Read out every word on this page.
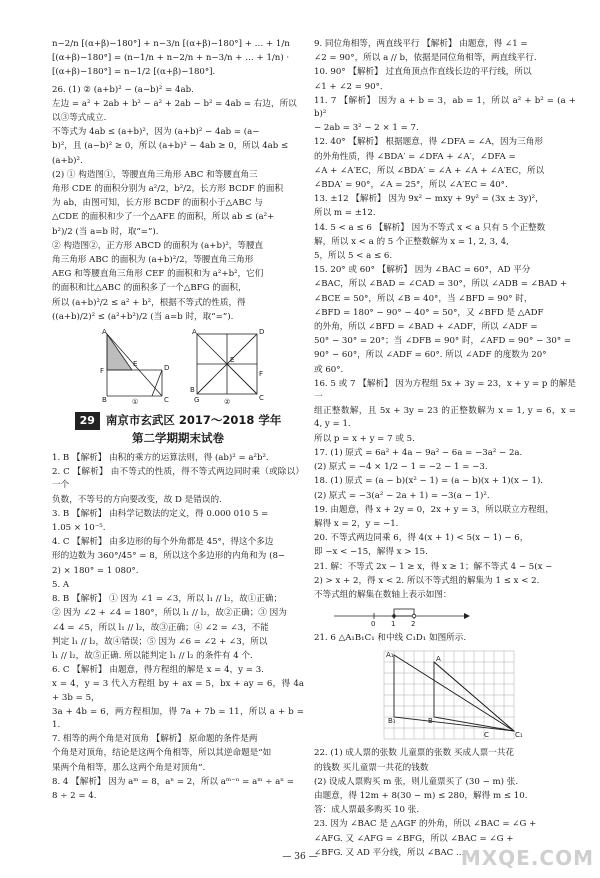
n−2/n [(α+β)−180°] + n−3/n [(α+β)−180°] + … + 1/n

[(α+β)−180°] = (n−1/n + n−2/n + n−3/n + … + 1/n) ·

[(α+β)−180°] = n−1/2 [(α+β)−180°].

26. (1) ② (a+b)² − (a−b)² = 4ab.

左边 = a² + 2ab + b² − a² + 2ab − b² = 4ab = 右边，所以

以③等式成立.

不等式为 4ab ≤ (a+b)²，因为 (a+b)² − 4ab = (a−

b)²，且 (a−b)² ≥ 0，所以 (a+b)² − 4ab ≥ 0，所以 4ab ≤

(a+b)².

(2) ① 构造图①，等腰直角三角形 ABC 和等腰直角三

角形 CDE 的面积分别为 a²/2，b²/2，长方形 BCDF 的面积

为 ab，由图可知，长方形 BCDF 的面积小于△ABC 与

△CDE 的面积和少了一个△AFE 的面积，所以 ab ≤ (a²+

b²)/2 (当 a=b 时，取“=”).

② 构造图②，正方形 ABCD 的面积为 (a+b)²，等腰直

角三角形 ABC 的面积为 (a+b)²/2，等腰直角三角形

AEG 和等腰直角三角形 CEF 的面积和为 a²+b²，它们

的面积和比△ABC 的面积多了一个△BFG 的面积，

所以 (a+b)²/2 ≤ a² + b²，根据不等式的性质，得

((a+b)/2)² ≤ (a²+b²)/2 (当 a=b 时，取“=”).

A
E
F	D
B	C
①
A	D
E
F
B
G	C
②
29 南京市玄武区 2017～2018 学年
第二学期期末试卷

1. B 【解析】 由积的乘方的运算法则，得 (ab)² = a²b².

2. C 【解析】 由不等式的性质，得不等式两边同时乘（或除以）一个

负数，不等号的方向要改变，故 D 是错误的.

3. B 【解析】 由科学记数法的定义，得 0.000 010 5 =

1.05 × 10⁻⁵.

4. C 【解析】 由多边形的每个外角都是 45°，得这个多边

形的边数为 360°/45° = 8，所以这个多边形的内角和为 (8−

2) × 180° = 1 080°.

5. A

8. B 【解析】 ① 因为 ∠1 = ∠3，所以 l₁ // l₂，故①正确；

② 因为 ∠2 + ∠4 = 180°，所以 l₁ // l₂，故②正确；③ 因为

∠4 = ∠5，所以 l₁ // l₂，故③正确；④ ∠2 = ∠3，不能

判定 l₁ // l₂，故④错误；⑤ 因为 ∠6 = ∠2 + ∠3，所以

l₁ // l₂，故⑤正确. 所以能判定 l₁ // l₂ 的条件有 4 个.

6. C 【解析】 由题意，得方程组的解是 x = 4，y = 3.

x = 4，y = 3 代入方程组 by + ax = 5，bx + ay = 6，得 4a + 3b = 5，

3a + 4b = 6，两方程相加，得 7a + 7b = 11，所以 a + b = 1.

7. 相等的两个角是对顶角 【解析】 原命题的条件是两

个角是对顶角，结论是这两个角相等，所以其逆命题是“如

果两个角相等，那么这两个角是对顶角”.

8. 4 【解析】 因为 aᵐ = 8，aⁿ = 2，所以 aᵐ⁻ⁿ = aᵐ ÷ aⁿ =

8 ÷ 2 = 4.

9. 同位角相等，两直线平行 【解析】 由题意，得 ∠1 =

∠2 = 90°，所以 a // b，依据是同位角相等，两直线平行.

10. 90° 【解析】 过直角顶点作直线长边的平行线，所以

∠1 + ∠2 = 90°.

11. 7 【解析】 因为 a + b = 3，ab = 1，所以 a² + b² = (a + b)²

− 2ab = 3² − 2 × 1 = 7.

12. 40° 【解析】 根据题意，得 ∠DFA = ∠A，因为三角形

的外角性质，得 ∠BDA′ = ∠DFA + ∠A′，∠DFA =

∠A + ∠A′EC，所以 ∠BDA′ = ∠A + ∠A + ∠A′EC，所以

∠BDA′ = 90°，∠A = 25°，所以 ∠A′EC = 40°.

13. ±12 【解析】 因为 9x² − mxy + 9y² = (3x ± 3y)²，

所以 m = ±12.

14. 5 < a ≤ 6 【解析】 因为不等式 x < a 只有 5 个正整数

解，所以 x < a 的 5 个正整数解为 x = 1, 2, 3, 4,

5，所以 5 < a ≤ 6.

15. 20° 或 60° 【解析】 因为 ∠BAC = 60°，AD 平分

∠BAC，所以 ∠BAD = ∠CAD = 30°，所以 ∠ADB = ∠BAD +

∠BCE = 50°，所以 ∠B = 40°，当 ∠BFD = 90° 时，

∠BFD = 180° − 90° − 40° = 50°，又 ∠BFD 是 △ADF

的外角，所以 ∠BFD = ∠BAD + ∠ADF，所以 ∠ADF =

50° − 30° = 20°；当 ∠DFB = 90° 时，∠AFD = 90° − 30° =

90° − 60°，所以 ∠ADF = 60°. 所以 ∠ADF 的度数为 20°

或 60°.

16. 5 或 7 【解析】 因为方程组 5x + 3y = 23，x + y = p 的解是一

组正整数解，且 5x + 3y = 23 的正整数解为 x = 1, y = 6，x = 4, y = 1.

所以 p = x + y = 7 或 5.

17. (1) 原式 = 6a² + 4a − 9a² − 6a = −3a² − 2a.

(2) 原式 = −4 × 1/2 − 1 = −2 − 1 = −3.

18. (1) 原式 = (a − b)(x² − 1) = (a − b)(x + 1)(x − 1).

(2) 原式 = −3(a² − 2a + 1) = −3(a − 1)².

19. 由题意，得 x + 2y = 0，2x + y = 3，所以联立方程组，

解得 x = 2，y = −1.

20. 不等式两边同乘 6，得 4(x + 1) < 5(x − 1) − 6，

即 −x < −15，解得 x > 15.

21. 解：不等式 2x − 1 ≥ x，得 x ≥ 1；解不等式 4 − 5(x −

2) > x + 2，得 x < 2. 所以不等式组的解集为 1 ≤ x < 2.

不等式组的解集在数轴上表示如图：

0 1 2

21. 6 △A₁B₁C₁ 和中线 C₁D₁ 如图所示.

A₁	A
B₁	B
C	C₁

22. (1) 成人票的张数 儿童票的张数 买成人票一共花

的钱数 买儿童票一共花的钱数

(2) 设成人票购买 m 张，则儿童票买了 (30 − m) 张.

由题意，得 12m + 8(30 − m) ≤ 280，解得 m ≤ 10.

答：成人票最多购买 10 张.

23. 因为 ∠BAC 是 △AGF 的外角，所以 ∠BAC = ∠G +

∠AFG. 又 ∠AFG = ∠BFG，所以 ∠BAC = ∠G +

∠BFG. 又 AD 平分线，所以 ∠BAC ...

— 36 —	MXQE.COM
